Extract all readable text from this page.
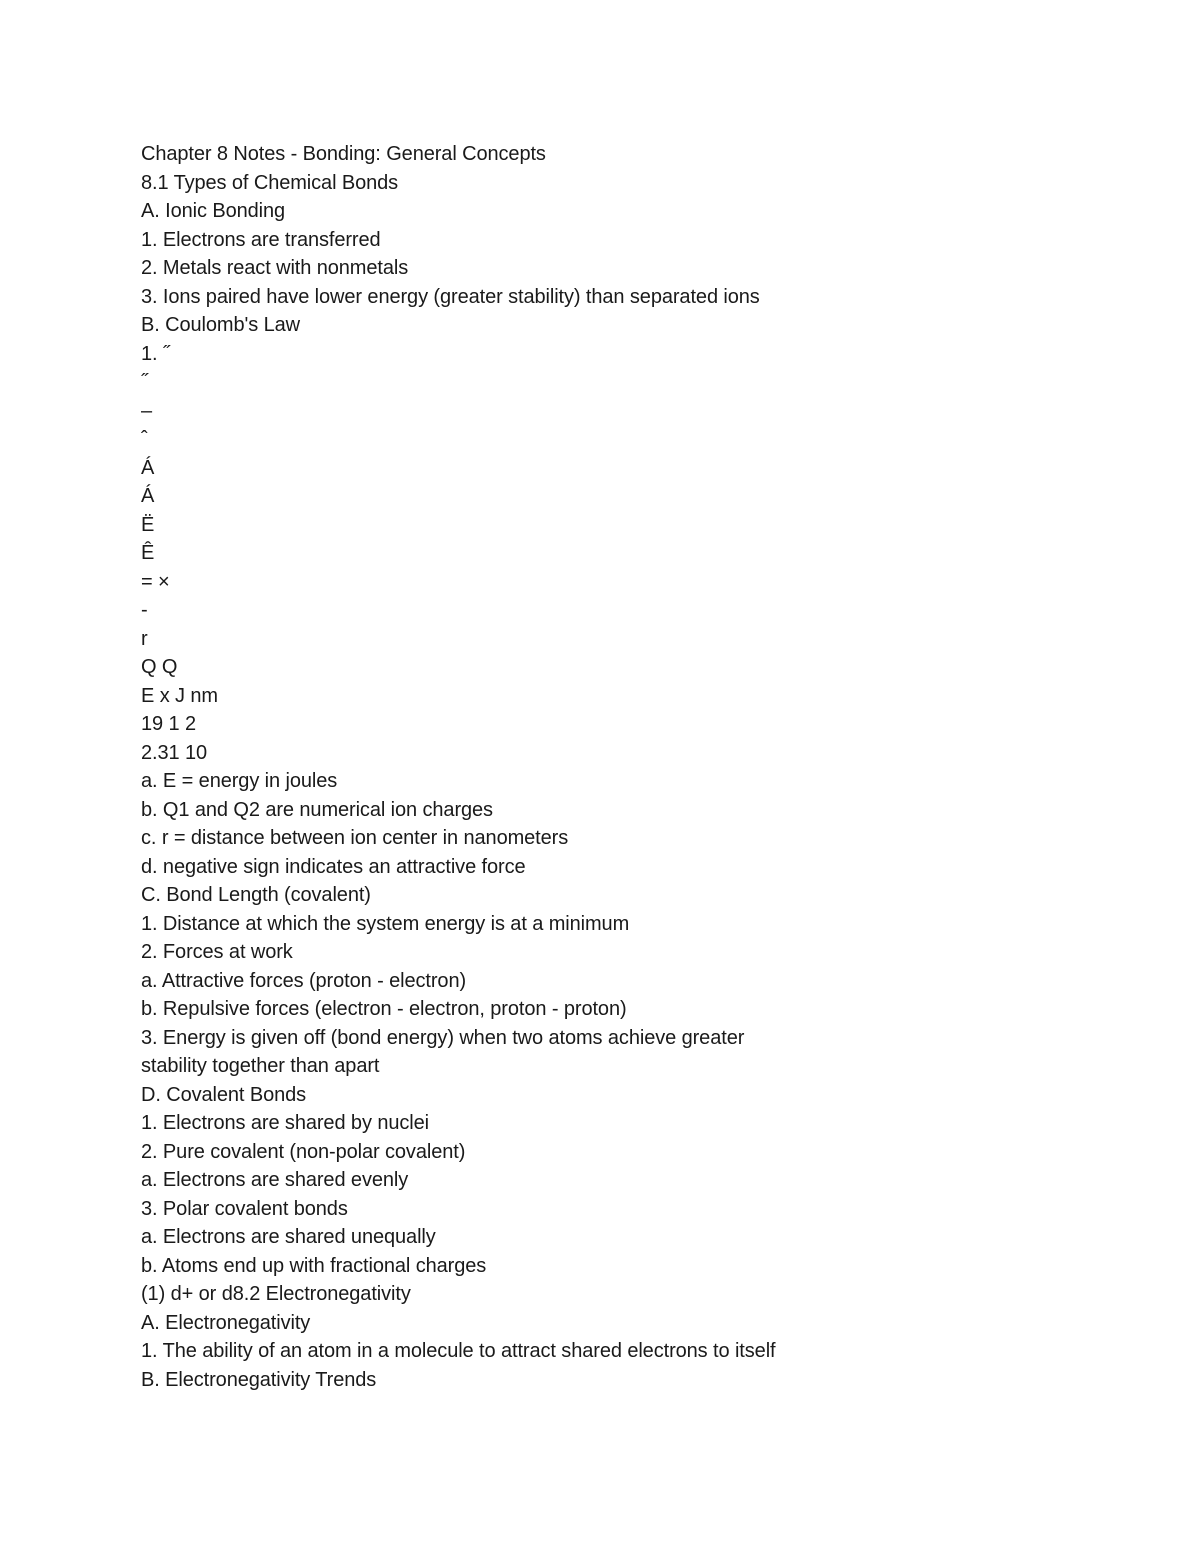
Chapter 8 Notes - Bonding: General Concepts
8.1 Types of Chemical Bonds
A. Ionic Bonding
1. Electrons are transferred
2. Metals react with nonmetals
3. Ions paired have lower energy (greater stability) than separated ions
B. Coulomb's Law
1. ˝
˝
–
ˆ
Á
Á
Ë
Ê
= ×
-
r
Q Q
E x J nm
19 1 2
2.31 10
a. E = energy in joules
b. Q1 and Q2 are numerical ion charges
c. r = distance between ion center in nanometers
d. negative sign indicates an attractive force
C. Bond Length (covalent)
1. Distance at which the system energy is at a minimum
2. Forces at work
a. Attractive forces (proton - electron)
b. Repulsive forces (electron - electron, proton - proton)
3. Energy is given off (bond energy) when two atoms achieve greater
stability together than apart
D. Covalent Bonds
1. Electrons are shared by nuclei
2. Pure covalent (non-polar covalent)
a. Electrons are shared evenly
3. Polar covalent bonds
a. Electrons are shared unequally
b. Atoms end up with fractional charges
(1) d+ or d8.2 Electronegativity
A. Electronegativity
1. The ability of an atom in a molecule to attract shared electrons to itself
B. Electronegativity Trends
